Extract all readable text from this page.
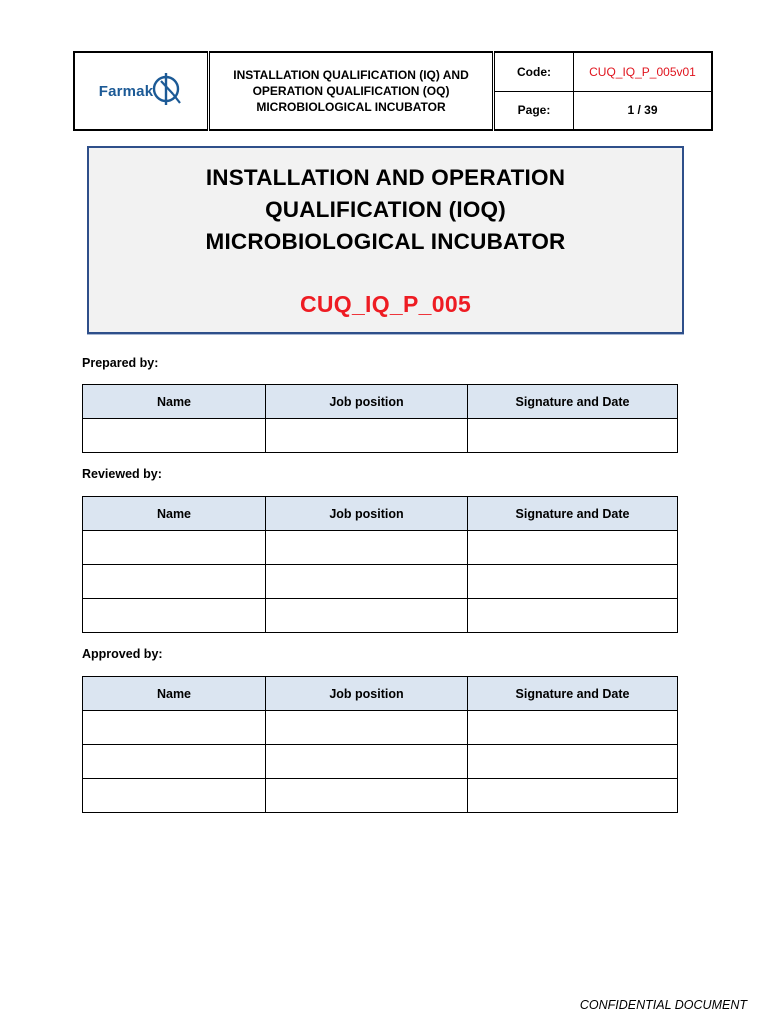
Farmak	INSTALLATION QUALIFICATION (IQ) AND
OPERATION QUALIFICATION (OQ)
MICROBIOLOGICAL INCUBATOR	Code:	CUQ_IQ_P_005v01
		Page:	1 / 39
INSTALLATION AND OPERATION
QUALIFICATION (IOQ)
MICROBIOLOGICAL INCUBATOR
CUQ_IQ_P_005
Prepared by:
Name	Job position	Signature and Date

Reviewed by:
Name	Job position	Signature and Date

Approved by:
Name	Job position	Signature and Date

CONFIDENTIAL DOCUMENT
